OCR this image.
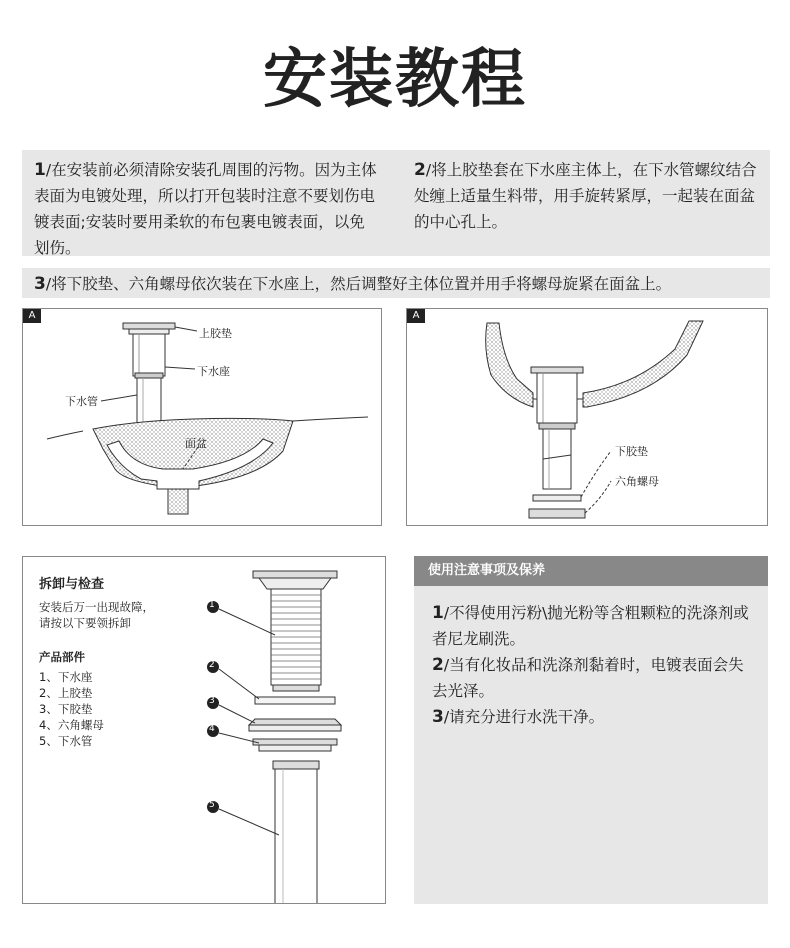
安装教程
1/在安装前必须清除安装孔周围的污物。因为主体表面为电镀处理，所以打开包装时注意不要划伤电镀表面;安装时要用柔软的布包裹电镀表面，以免划伤。
2/将上胶垫套在下水座主体上，在下水管螺纹结合处缠上适量生料带，用手旋转紧厚，一起装在面盆的中心孔上。
3/将下胶垫、六角螺母依次装在下水座上，然后调整好主体位置并用手将螺母旋紧在面盆上。
A
上胶垫
下水座
下水管
面盆
A
下胶垫
六角螺母
1
2
3
4
5
拆卸与检查
安装后万一出现故障，
请按以下要领拆卸
产品部件
1、下水座
2、上胶垫
3、下胶垫
4、六角螺母
5、下水管
使用注意事项及保养
1/不得使用污粉\抛光粉等含粗颗粒的洗涤剂或者尼龙刷洗。
2/当有化妆品和洗涤剂黏着时，电镀表面会失去光泽。
3/请充分进行水洗干净。
